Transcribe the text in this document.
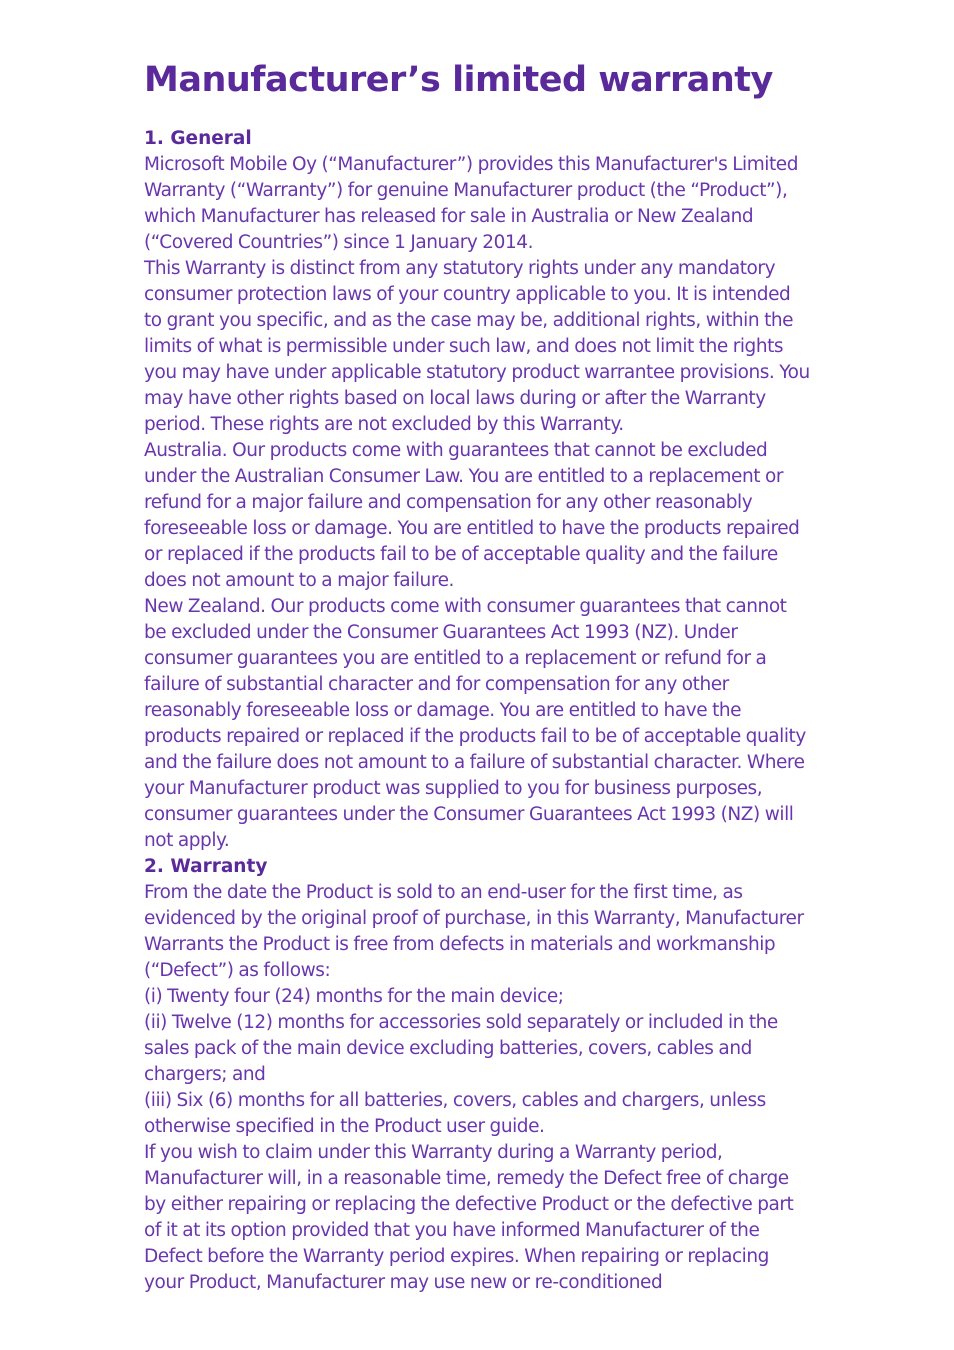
Manufacturer’s limited warranty
1. General

Microsoft Mobile Oy (“Manufacturer”) provides this Manufacturer's Limited Warranty (“Warranty”) for genuine Manufacturer product (the “Product”), which Manufacturer has released for sale in Australia or New Zealand (“Covered Countries”) since 1 January 2014.

This Warranty is distinct from any statutory rights under any mandatory consumer protection laws of your country applicable to you. It is intended to grant you specific, and as the case may be, additional rights, within the limits of what is permissible under such law, and does not limit the rights you may have under applicable statutory product warrantee provisions. You may have other rights based on local laws during or after the Warranty period. These rights are not excluded by this Warranty.

Australia. Our products come with guarantees that cannot be excluded under the Australian Consumer Law. You are entitled to a replacement or refund for a major failure and compensation for any other reasonably foreseeable loss or damage. You are entitled to have the products repaired or replaced if the products fail to be of acceptable quality and the failure does not amount to a major failure.

New Zealand. Our products come with consumer guarantees that cannot be excluded under the Consumer Guarantees Act 1993 (NZ). Under consumer guarantees you are entitled to a replacement or refund for a failure of substantial character and for compensation for any other reasonably foreseeable loss or damage. You are entitled to have the products repaired or replaced if the products fail to be of acceptable quality and the failure does not amount to a failure of substantial character. Where your Manufacturer product was supplied to you for business purposes, consumer guarantees under the Consumer Guarantees Act 1993 (NZ) will not apply.

2. Warranty

From the date the Product is sold to an end-user for the first time, as evidenced by the original proof of purchase, in this Warranty, Manufacturer Warrants the Product is free from defects in materials and workmanship (“Defect”) as follows:

(i) Twenty four (24) months for the main device;

(ii) Twelve (12) months for accessories sold separately or included in the sales pack of the main device excluding batteries, covers, cables and chargers; and

(iii) Six (6) months for all batteries, covers, cables and chargers, unless otherwise specified in the Product user guide.

If you wish to claim under this Warranty during a Warranty period, Manufacturer will, in a reasonable time, remedy the Defect free of charge by either repairing or replacing the defective Product or the defective part of it at its option provided that you have informed Manufacturer of the Defect before the Warranty period expires. When repairing or replacing your Product, Manufacturer may use new or re-conditioned
